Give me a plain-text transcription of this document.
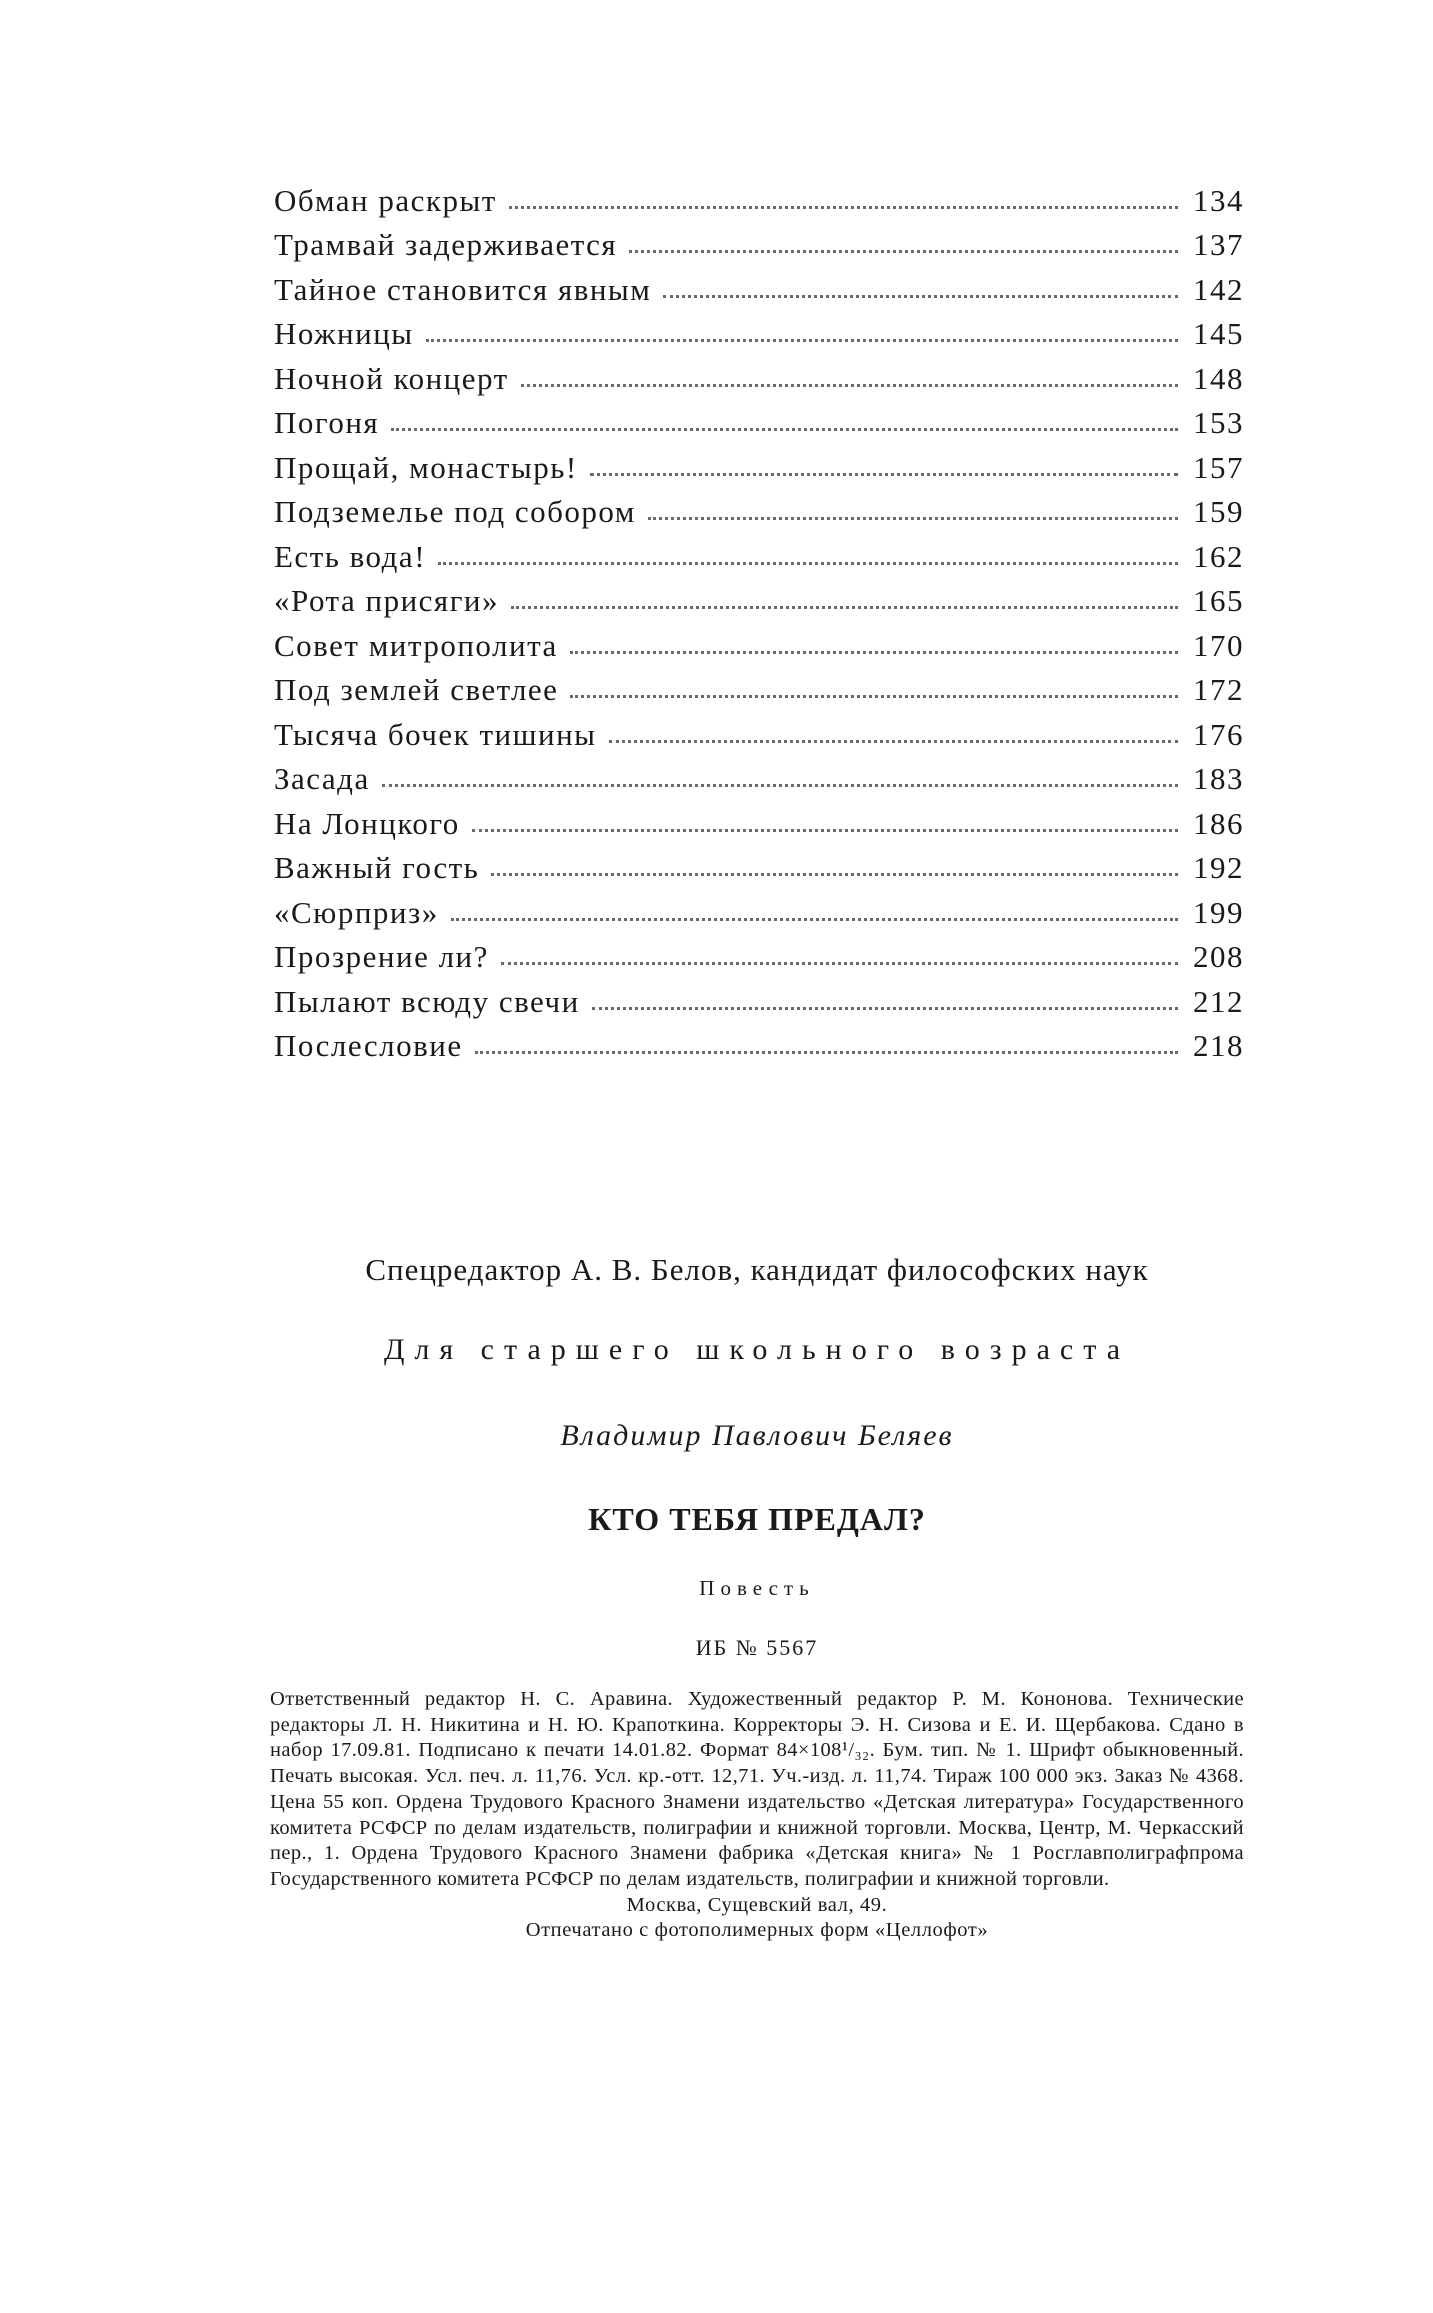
Обман раскрыт	134
Трамвай задерживается	137
Тайное становится явным	142
Ножницы	145
Ночной концерт	148
Погоня	153
Прощай, монастырь!	157
Подземелье под собором	159
Есть вода!	162
«Рота присяги»	165
Совет митрополита	170
Под землей светлее	172
Тысяча бочек тишины	176
Засада	183
На Лонцкого	186
Важный гость	192
«Сюрприз»	199
Прозрение ли?	208
Пылают всюду свечи	212
Послесловие	218
Спецредактор А. В. Белов, кандидат философских наук
Для старшего школьного возраста
Владимир Павлович Беляев
КТО ТЕБЯ ПРЕДАЛ?
Повесть
ИБ № 5567
Ответственный редактор Н. С. Аравина. Художественный редактор Р. М. Кононова. Технические редакторы Л. Н. Никитина и Н. Ю. Крапоткина. Корректоры Э. Н. Сизова и Е. И. Щербакова. Сдано в набор 17.09.81. Подписано к печати 14.01.82. Формат 84×108¹/₃₂. Бум. тип. № 1. Шрифт обыкновенный. Печать высокая. Усл. печ. л. 11,76. Усл. кр.-отт. 12,71. Уч.-изд. л. 11,74. Тираж 100 000 экз. Заказ № 4368. Цена 55 коп. Ордена Трудового Красного Знамени издательство «Детская литература» Государственного комитета РСФСР по делам издательств, полиграфии и книжной торговли. Москва, Центр, М. Черкасский пер., 1. Ордена Трудового Красного Знамени фабрика «Детская книга» № 1 Росглавполиграфпрома Государственного комитета РСФСР по делам издательств, полиграфии и книжной торговли.
Москва, Сущевский вал, 49.
Отпечатано с фотополимерных форм «Целлофот»
